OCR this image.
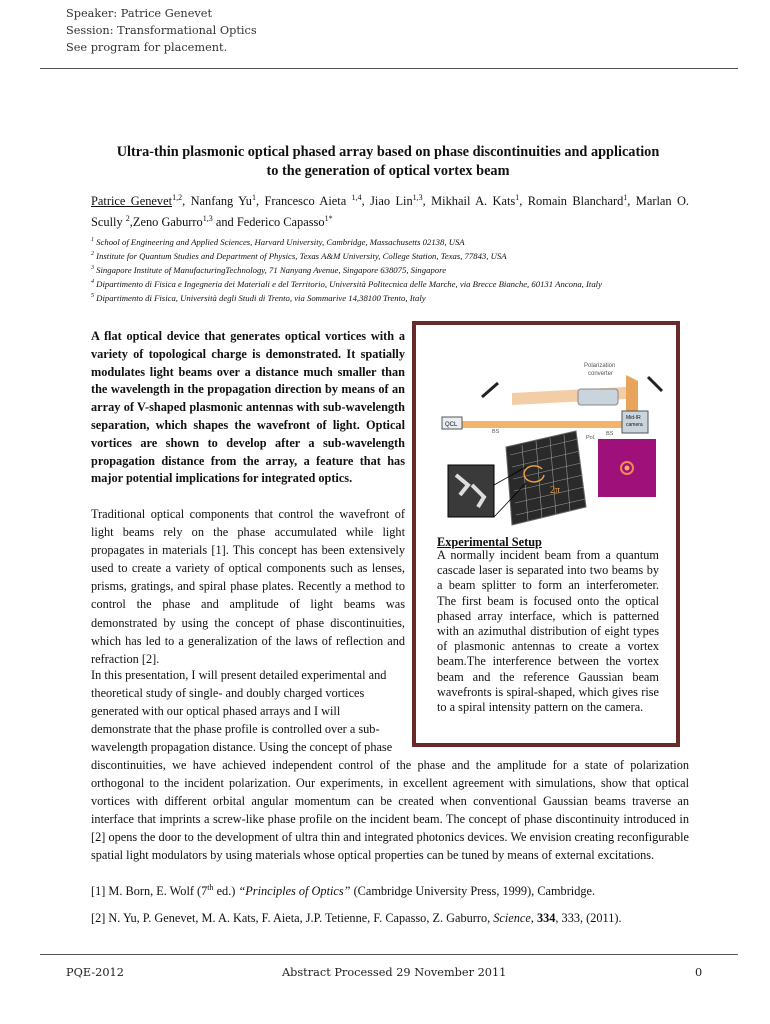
Speaker: Patrice Genevet
Session: Transformational Optics
See program for placement.
Ultra-thin plasmonic optical phased array based on phase discontinuities and application
to the generation of optical vortex beam
Patrice Genevet$^{1,2}$, Nanfang Yu$^1$, Francesco Aieta $^{1,4}$, Jiao Lin$^{1,3}$, Mikhail A. Kats$^1$, Romain Blanchard$^1$, Marlan O. Scully $^2$,Zeno Gaburro$^{1,3}$ and Federico Capasso$^{1*}$
$^1$ School of Engineering and Applied Sciences, Harvard University, Cambridge, Massachusetts 02138, USA
$^2$ Institute for Quantum Studies and Department of Physics, Texas A&M University, College Station, Texas, 77843, USA
$^3$ Singapore Institute of ManufacturingTechnology, 71 Nanyang Avenue, Singapore 638075, Singapore
$^4$ Dipartimento di Fisica e Ingegneria dei Materiali e del Territorio, Università Politecnica delle Marche, via Brecce Bianche, 60131 Ancona, Italy
$^5$ Dipartimento di Fisica, Università degli Studi di Trento, via Sommarive 14,38100 Trento, Italy
A flat optical device that generates optical vortices with a variety of topological charge is demonstrated. It spatially modulates light beams over a distance much smaller than the wavelength in the propagation direction by means of an array of V-shaped plasmonic antennas with sub-wavelength separation, which shapes the wavefront of light. Optical vortices are shown to develop after a sub-wavelength propagation distance from the array, a feature that has major potential implications for integrated optics.
Traditional optical components that control the wavefront of light beams rely on the phase accumulated while light propagates in materials [1]. This concept has been extensively used to create a variety of optical components such as lenses, prisms, gratings, and spiral phase plates. Recently a method to control the phase and amplitude of light beams was demonstrated by using the concept of phase discontinuities, which has led to a generalization of the laws of reflection and refraction [2].
In this presentation, I will present detailed experimental and
theoretical study of single- and doubly charged vortices
generated with our optical phased arrays and I will
demonstrate that the phase profile is controlled over a sub-
wavelength propagation distance. Using the concept of phase
discontinuities, we have achieved independent control of the phase and the amplitude for a state of polarization orthogonal to the incident polarization. Our experiments, in excellent agreement with simulations, show that optical vortices with different orbital angular momentum can be created when conventional Gaussian beams traverse an interface that imprints a screw-like phase profile on the incident beam. The concept of phase discontinuity introduced in [2] opens the door to the development of ultra thin and integrated photonics devices. We envision creating reconfigurable spatial light modulators by using materials whose optical properties can be tuned by means of external excitations.
Polarization converter
QCL
BS	BS
Pol.
Mid-IR camera
2π
Experimental Setup
A normally incident beam from a quantum cascade laser is separated into two beams by a beam splitter to form an interferometer. The first beam is focused onto the optical phased array interface, which is patterned with an azimuthal distribution of eight types of plasmonic antennas to create a vortex beam.The interference between the vortex beam and the reference Gaussian beam wavefronts is spiral-shaped, which gives rise to a spiral intensity pattern on the camera.
[1] M. Born, E. Wolf (7th ed.) “Principles of Optics” (Cambridge University Press, 1999), Cambridge.
[2] N. Yu, P. Genevet, M. A. Kats, F. Aieta, J.P. Tetienne, F. Capasso, Z. Gaburro, Science, 334, 333, (2011).
PQE-2012	Abstract Processed 29 November 2011	0
